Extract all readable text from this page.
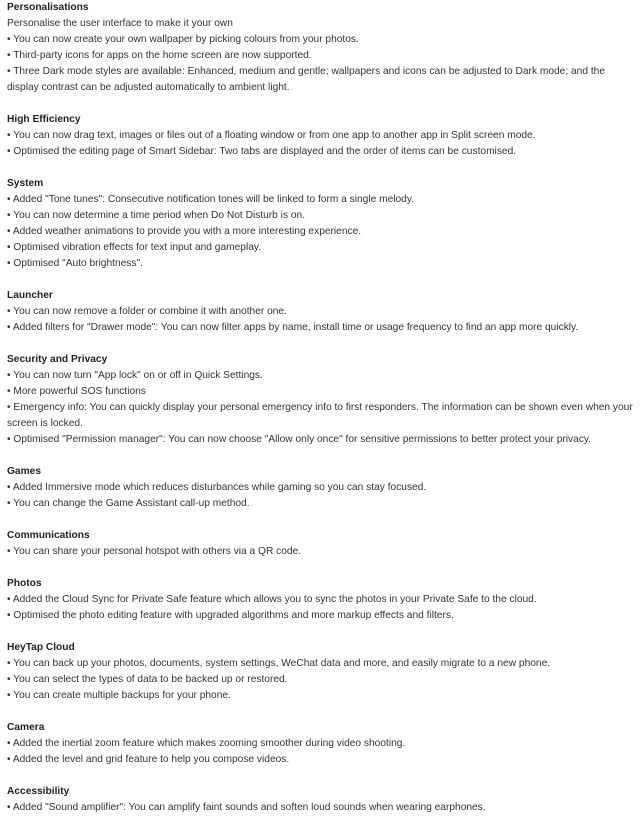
Personalisations
Personalise the user interface to make it your own
• You can now create your own wallpaper by picking colours from your photos.
• Third-party icons for apps on the home screen are now supported.
• Three Dark mode styles are available: Enhanced, medium and gentle; wallpapers and icons can be adjusted to Dark mode; and the display contrast can be adjusted automatically to ambient light.
High Efficiency
• You can now drag text, images or files out of a floating window or from one app to another app in Split screen mode.
• Optimised the editing page of Smart Sidebar: Two tabs are displayed and the order of items can be customised.
System
• Added "Tone tunes": Consecutive notification tones will be linked to form a single melody.
• You can now determine a time period when Do Not Disturb is on.
• Added weather animations to provide you with a more interesting experience.
• Optimised vibration effects for text input and gameplay.
• Optimised "Auto brightness".
Launcher
• You can now remove a folder or combine it with another one.
• Added filters for "Drawer mode": You can now filter apps by name, install time or usage frequency to find an app more quickly.
Security and Privacy
• You can now turn "App lock" on or off in Quick Settings.
• More powerful SOS functions
• Emergency info: You can quickly display your personal emergency info to first responders. The information can be shown even when your screen is locked.
• Optimised "Permission manager": You can now choose "Allow only once" for sensitive permissions to better protect your privacy.
Games
• Added Immersive mode which reduces disturbances while gaming so you can stay focused.
• You can change the Game Assistant call-up method.
Communications
• You can share your personal hotspot with others via a QR code.
Photos
• Added the Cloud Sync for Private Safe feature which allows you to sync the photos in your Private Safe to the cloud.
• Optimised the photo editing feature with upgraded algorithms and more markup effects and filters.
HeyTap Cloud
• You can back up your photos, documents, system settings, WeChat data and more, and easily migrate to a new phone.
• You can select the types of data to be backed up or restored.
• You can create multiple backups for your phone.
Camera
• Added the inertial zoom feature which makes zooming smoother during video shooting.
• Added the level and grid feature to help you compose videos.
Accessibility
• Added "Sound amplifier": You can amplify faint sounds and soften loud sounds when wearing earphones.
